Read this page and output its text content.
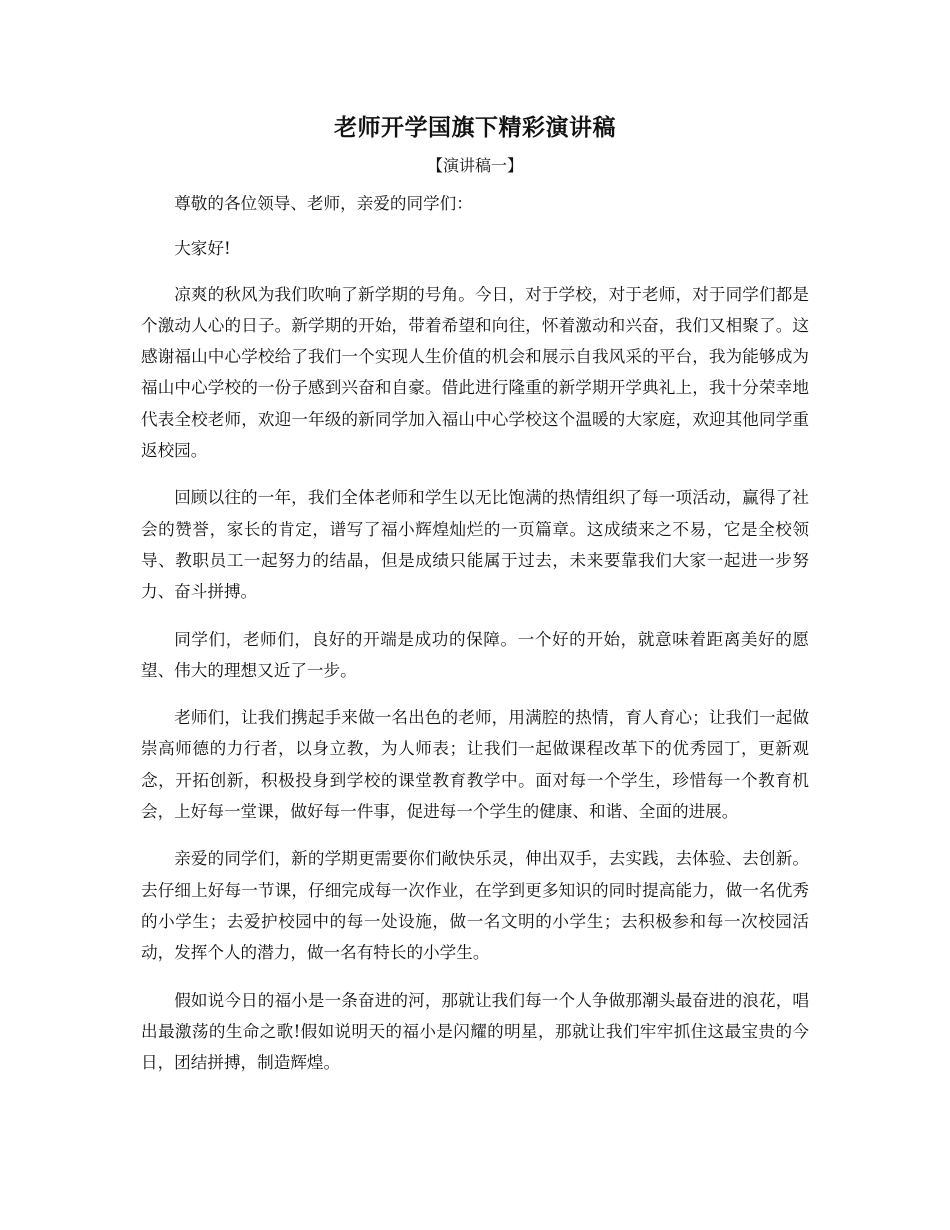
老师开学国旗下精彩演讲稿
【演讲稿一】

尊敬的各位领导、老师，亲爱的同学们：

大家好!

凉爽的秋风为我们吹响了新学期的号角。今日，对于学校，对于老师，对于同学们都是个激动人心的日子。新学期的开始，带着希望和向往，怀着激动和兴奋，我们又相聚了。这感谢福山中心学校给了我们一个实现人生价值的机会和展示自我风采的平台，我为能够成为福山中心学校的一份子感到兴奋和自豪。借此进行隆重的新学期开学典礼上，我十分荣幸地代表全校老师，欢迎一年级的新同学加入福山中心学校这个温暖的大家庭，欢迎其他同学重返校园。

回顾以往的一年，我们全体老师和学生以无比饱满的热情组织了每一项活动，赢得了社会的赞誉，家长的肯定，谱写了福小辉煌灿烂的一页篇章。这成绩来之不易，它是全校领导、教职员工一起努力的结晶，但是成绩只能属于过去，未来要靠我们大家一起进一步努力、奋斗拼搏。

同学们，老师们，良好的开端是成功的保障。一个好的开始，就意味着距离美好的愿望、伟大的理想又近了一步。

老师们，让我们携起手来做一名出色的老师，用满腔的热情，育人育心；让我们一起做崇高师德的力行者，以身立教，为人师表；让我们一起做课程改革下的优秀园丁，更新观念，开拓创新，积极投身到学校的课堂教育教学中。面对每一个学生，珍惜每一个教育机会，上好每一堂课，做好每一件事，促进每一个学生的健康、和谐、全面的进展。

亲爱的同学们，新的学期更需要你们敞快乐灵，伸出双手，去实践，去体验、去创新。去仔细上好每一节课，仔细完成每一次作业，在学到更多知识的同时提高能力，做一名优秀的小学生；去爱护校园中的每一处设施，做一名文明的小学生；去积极参和每一次校园活动，发挥个人的潜力，做一名有特长的小学生。

假如说今日的福小是一条奋进的河，那就让我们每一个人争做那潮头最奋进的浪花，唱出最激荡的生命之歌!假如说明天的福小是闪耀的明星，那就让我们牢牢抓住这最宝贵的今日，团结拼搏，制造辉煌。
